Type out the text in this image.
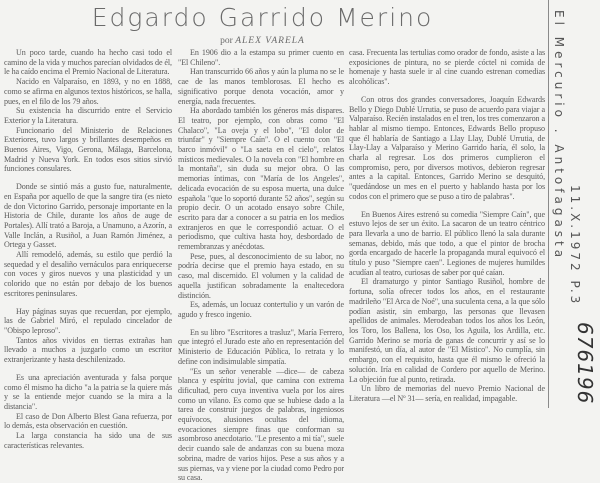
Edgardo Garrido Merino
por ALEX VARELA

Un poco tarde, cuando ha hecho casi todo el camino de la vida y muchos parecían olvidados de él, le ha caído encima el Premio Nacional de Literatura.

Nacido en Valparaíso, en 1893, y no en 1888, como se afirma en algunos textos históricos, se halla, pues, en el filo de los 79 años.

Su existencia ha discurrido entre el Servicio Exterior y la Literatura.

Funcionario del Ministerio de Relaciones Exteriores, tuvo largos y brillantes desempeños en Buenos Aires, Vigo, Gerona, Málaga, Barcelona, Madrid y Nueva York. En todos esos sitios sirvió funciones consulares.

Donde se sintió más a gusto fue, naturalmente, en España por aquello de que la sangre tira (es nieto de don Victorino Garrido, personaje importante en la Historia de Chile, durante los años de auge de Portales). Allí trató a Baroja, a Unamuno, a Azorín, a Valle Inclán, a Rusiñol, a Juan Ramón Jiménez, a Ortega y Gasset.

Allí remodeló, además, su estilo que perdió la sequedad y el desaliño vernáculos para enriquecerse con voces y giros nuevos y una plasticidad y un colorido que no están por debajo de los buenos escritores peninsulares.

Hay páginas suyas que recuerdan, por ejemplo, las de Gabriel Miró, el repulado cincelador de "Obispo leproso".

Tantos años vividos en tierras extrañas han llevado a muchos a juzgarlo como un escritor extranjerizante y hasta deschilenizado.

Es una apreciación aventurada y falsa porque como él mismo ha dicho "a la patria se la quiere más y se la entiende mejor cuando se la mira a la distancia".

El caso de Don Alberto Blest Gana refuerza, por lo demás, esta observación en cuestión.

La larga constancia ha sido una de sus características relevantes.

En 1906 dio a la estampa su primer cuento en "El Chileno".

Han transcurrido 66 años y aún la pluma no se le cae de las manos temblorosas. El hecho es significativo porque denota vocación, amor y energía, nada frecuentes.

Ha abordado también los géneros más dispares. El teatro, por ejemplo, con obras como "El Chalaco", "La oveja y el lobo", "El dolor de triunfar" y "Siempre Caín". O el cuento con "El barco inmóvil" o "La saeta en el cielo", relatos místicos medievales. O la novela con "El hombre en la montaña", sin duda su mejor obra. O las memorias íntimas, con "María de los Angeles", delicada evocación de su esposa muerta, una dulce española "que lo soportó durante 52 años", según su propio decir. O un acotado ensayo sobre Chile, escrito para dar a conocer a su patria en los medios extranjeros en que le correspondió actuar. O el periodismo, que cultiva hasta hoy, desbordado de remembranzas y anécdotas.

Pese, pues, al desconocimiento de su labor, no podría decirse que el premio haya estado, en su caso, mal discernido. El volumen y la calidad de aquella justifican sobradamente la enaltecedora distinción.

Es, además, un locuaz contertulio y un varón de agudo y fresco ingenio.

En su libro "Escritores a trasluz", María Ferrero, que integró el Jurado este año en representación del Ministerio de Educación Pública, lo retrata y lo define con indisimulable simpatía.

"Es un señor venerable —dice— de cabeza blanca y espíritu jovial, que camina con extrema dificultad, pero cuya inventiva vuela por los aires como un vilano. Es como que se hubiese dado a la tarea de construir juegos de palabras, ingeniosos equívocos, alusiones ocultas del idioma, evocaciones siempre finas que conforman su asombroso anecdotario. "Le presento a mi tía", suele decir cuando sale de andanzas con su buena moza sobrina, madre de varios hijos. Pese a sus años y a sus piernas, va y viene por la ciudad como Pedro por su casa.

casa. Frecuenta las tertulias como orador de fondo, asiste a las exposiciones de pintura, no se pierde cóctel ni comida de homenaje y hasta suele ir al cine cuando estrenan comedias alcohólicas".

Con otros dos grandes conversadores, Joaquín Edwards Bello y Diego Dublé Urrutia, se puso de acuerdo para viajar a Valparaíso. Recién instalados en el tren, los tres comenzaron a hablar al mismo tiempo. Entonces, Edwards Bello propuso que él hablaría de Santiago a Llay Llay, Dublé Urrutia, de Llay-Llay a Valparaíso y Merino Garrido haría, él solo, la charla al regresar. Los dos primeros cumplieron el compromiso, pero, por diversos motivos, debieron regresar antes a la capital. Entonces, Garrido Merino se desquitó, "quedándose un mes en el puerto y hablando hasta por los codos con el primero que se puso a tiro de palabras".

En Buenos Aires estrenó su comedia "Siempre Caín", que estuvo lejos de ser un éxito. La sacaron de un teatro céntrico para llevarla a uno de barrio. El público llenó la sala durante semanas, debido, más que todo, a que el pintor de brocha gorda encargado de hacerle la propaganda mural equivocó el título y puso "Siempre caen". Legiones de mujeres humildes acudían al teatro, curiosas de saber por qué caían.

El dramaturgo y pintor Santiago Rusiñol, hombre de fortuna, solía ofrecer todos los años, en el restaurante madrileño "El Arca de Noé", una suculenta cena, a la que sólo podían asistir, sin embargo, las personas que llevasen apellidos de animales. Merodeaban todos los años los León, los Toro, los Ballena, los Oso, los Aguila, los Ardilla, etc. Garrido Merino se moría de ganas de concurrir y así se lo manifestó, un día, al autor de "El Místico". No cumplía, sin embargo, con el requisito, hasta que él mismo le ofreció la solución. Iría en calidad de Cordero por aquello de Merino. La objeción fue al punto, retirada.

Un libro de memorias del nuevo Premio Nacional de Literatura —el Nº 31— sería, en realidad, impagable.

El Mercurio . Antofagasta 11.X.1972 P.3
676196
